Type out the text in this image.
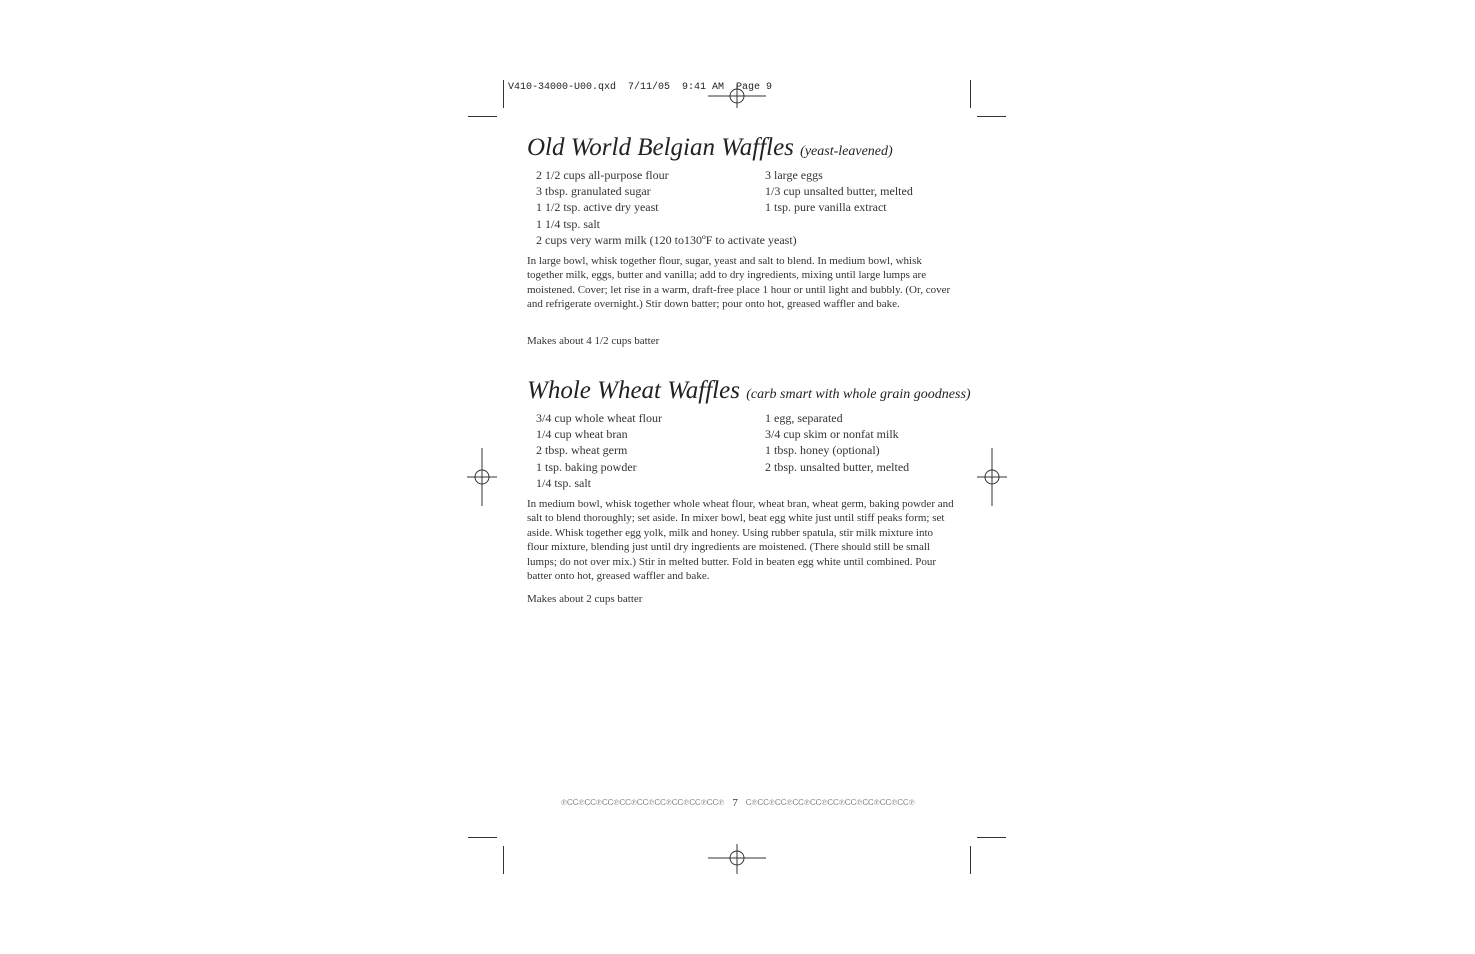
V410-34000-U00.qxd  7/11/05  9:41 AM  Page 9
Old World Belgian Waffles (yeast-leavened)
2 1/2 cups all-purpose flour
3 tbsp. granulated sugar
1 1/2 tsp. active dry yeast
1 1/4 tsp. salt
2 cups very warm milk (120 to130ºF to activate yeast)
3 large eggs
1/3 cup unsalted butter, melted
1 tsp. pure vanilla extract

In large bowl, whisk together flour, sugar, yeast and salt to blend. In medium bowl, whisk together milk, eggs, butter and vanilla; add to dry ingredients, mixing until large lumps are moistened. Cover; let rise in a warm, draft-free place 1 hour or until light and bubbly. (Or, cover and refrigerate overnight.) Stir down batter; pour onto hot, greased waffler and bake.

Makes about 4 1/2 cups batter

Whole Wheat Waffles (carb smart with whole grain goodness)
3/4 cup whole wheat flour
1/4 cup wheat bran
2 tbsp. wheat germ
1 tsp. baking powder
1/4 tsp. salt
1 egg, separated
3/4 cup skim or nonfat milk
1 tbsp. honey (optional)
2 tbsp. unsalted butter, melted

In medium bowl, whisk together whole wheat flour, wheat bran, wheat germ, baking powder and salt to blend thoroughly; set aside. In mixer bowl, beat egg white just until stiff peaks form; set aside. Whisk together egg yolk, milk and honey. Using rubber spatula, stir milk mixture into flour mixture, blending just until dry ingredients are moistened. (There should still be small lumps; do not over mix.) Stir in melted butter. Fold in beaten egg white until combined. Pour batter onto hot, greased waffler and bake.

Makes about 2 cups batter

℗ᏟᏟ℗ᏟᏟ℗ᏟᏟ℗ᏟᏟ℗ᏟᏟ℗ᏟᏟ℗ᏟᏟ℗ᏟᏟ℗ᏟᏟ℗ 7 Ꮯ℗ᏟᏟ℗ᏟᏟ℗ᏟᏟ℗ᏟᏟ℗ᏟᏟ℗ᏟᏟ℗ᏟᏟ℗ᏟᏟ℗ᏟᏟ℗
